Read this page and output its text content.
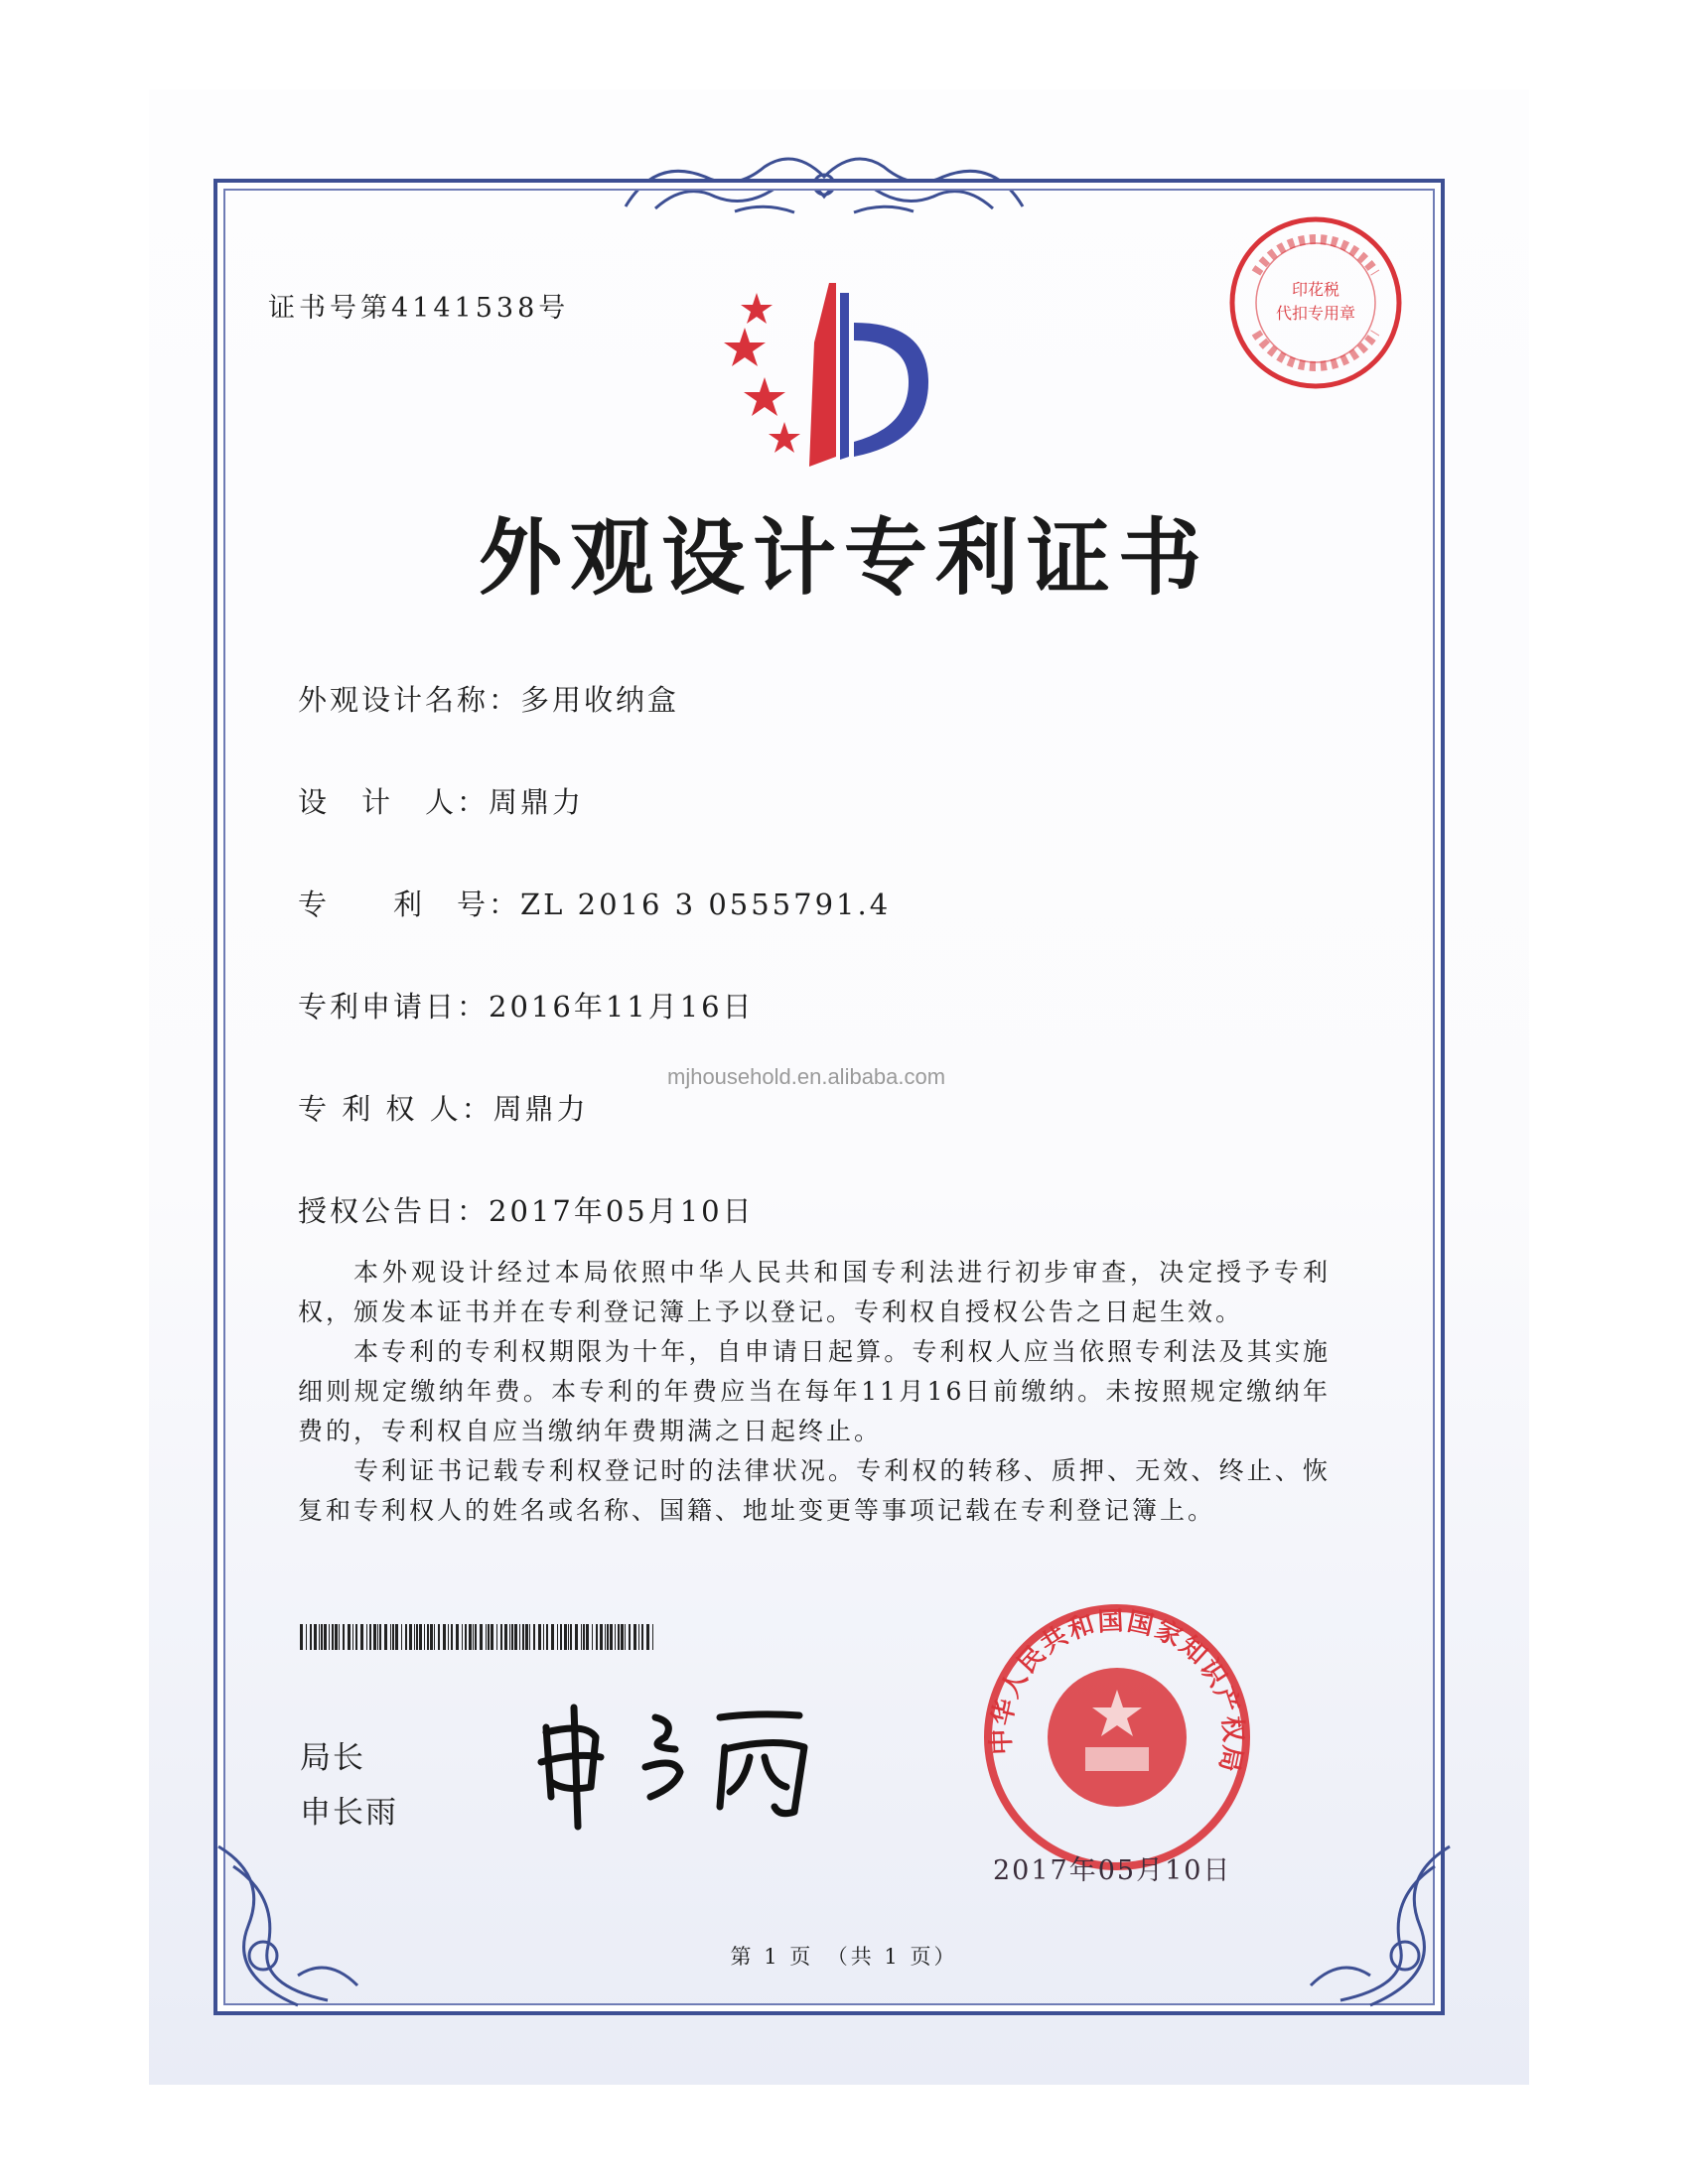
证书号第4141538号
印花税
代扣专用章
外观设计专利证书
外观设计名称：多用收纳盒
设　计　人：周鼎力
专　　利　号：ZL 2016 3 0555791.4
专利申请日：2016年11月16日
mjhousehold.en.alibaba.com
专 利 权 人：周鼎力
授权公告日：2017年05月10日

本外观设计经过本局依照中华人民共和国专利法进行初步审查，决定授予专利权，颁发本证书并在专利登记簿上予以登记。专利权自授权公告之日起生效。

本专利的专利权期限为十年，自申请日起算。专利权人应当依照专利法及其实施细则规定缴纳年费。本专利的年费应当在每年11月16日前缴纳。未按照规定缴纳年费的，专利权自应当缴纳年费期满之日起终止。

专利证书记载专利权登记时的法律状况。专利权的转移、质押、无效、终止、恢复和专利权人的姓名或名称、国籍、地址变更等事项记载在专利登记簿上。

局长
申长雨
中华人民共和国国家知识产权局
2017年05月10日
第 1 页　（共 1 页）
